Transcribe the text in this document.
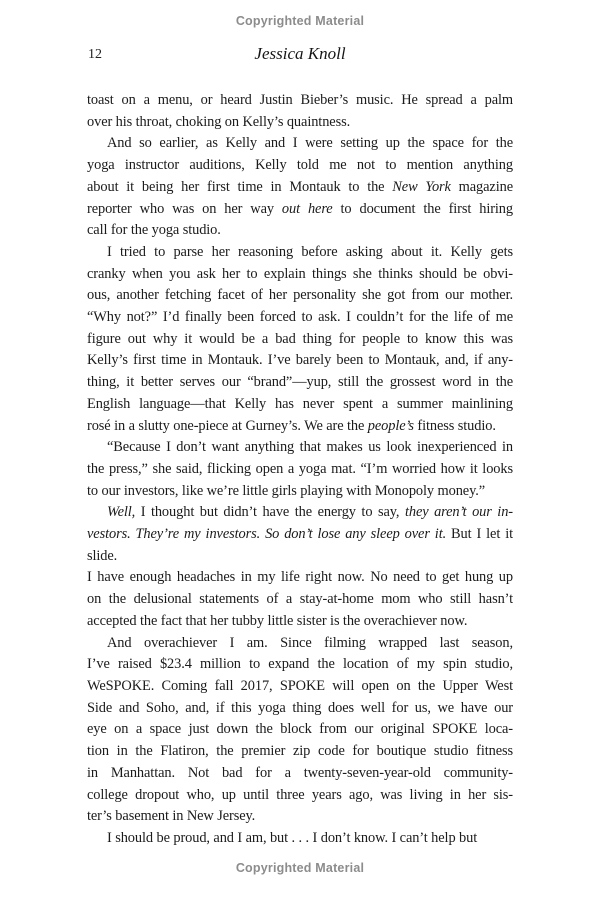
Copyrighted Material
Jessica Knoll
12
toast on a menu, or heard Justin Bieber’s music. He spread a palm
over his throat, choking on Kelly’s quaintness.
And so earlier, as Kelly and I were setting up the space for the
yoga instructor auditions, Kelly told me not to mention anything
about it being her first time in Montauk to the New York magazine
reporter who was on her way out here to document the first hiring
call for the yoga studio.
I tried to parse her reasoning before asking about it. Kelly gets
cranky when you ask her to explain things she thinks should be obvi-
ous, another fetching facet of her personality she got from our mother.
“Why not?” I’d finally been forced to ask. I couldn’t for the life of me
figure out why it would be a bad thing for people to know this was
Kelly’s first time in Montauk. I’ve barely been to Montauk, and, if any-
thing, it better serves our “brand”—yup, still the grossest word in the
English language—that Kelly has never spent a summer mainlining
rosé in a slutty one-piece at Gurney’s. We are the people’s fitness studio.
“Because I don’t want anything that makes us look inexperienced in
the press,” she said, flicking open a yoga mat. “I’m worried how it looks
to our investors, like we’re little girls playing with Monopoly money.”
Well, I thought but didn’t have the energy to say, they aren’t our in-
vestors. They’re my investors. So don’t lose any sleep over it. But I let it slide.
I have enough headaches in my life right now. No need to get hung up
on the delusional statements of a stay-at-home mom who still hasn’t
accepted the fact that her tubby little sister is the overachiever now.
And overachiever I am. Since filming wrapped last season,
I’ve raised $23.4 million to expand the location of my spin studio,
WeSPOKE. Coming fall 2017, SPOKE will open on the Upper West
Side and Soho, and, if this yoga thing does well for us, we have our
eye on a space just down the block from our original SPOKE loca-
tion in the Flatiron, the premier zip code for boutique studio fitness
in Manhattan. Not bad for a twenty-seven-year-old community-
college dropout who, up until three years ago, was living in her sis-
ter’s basement in New Jersey.
I should be proud, and I am, but . . . I don’t know. I can’t help but
Copyrighted Material
